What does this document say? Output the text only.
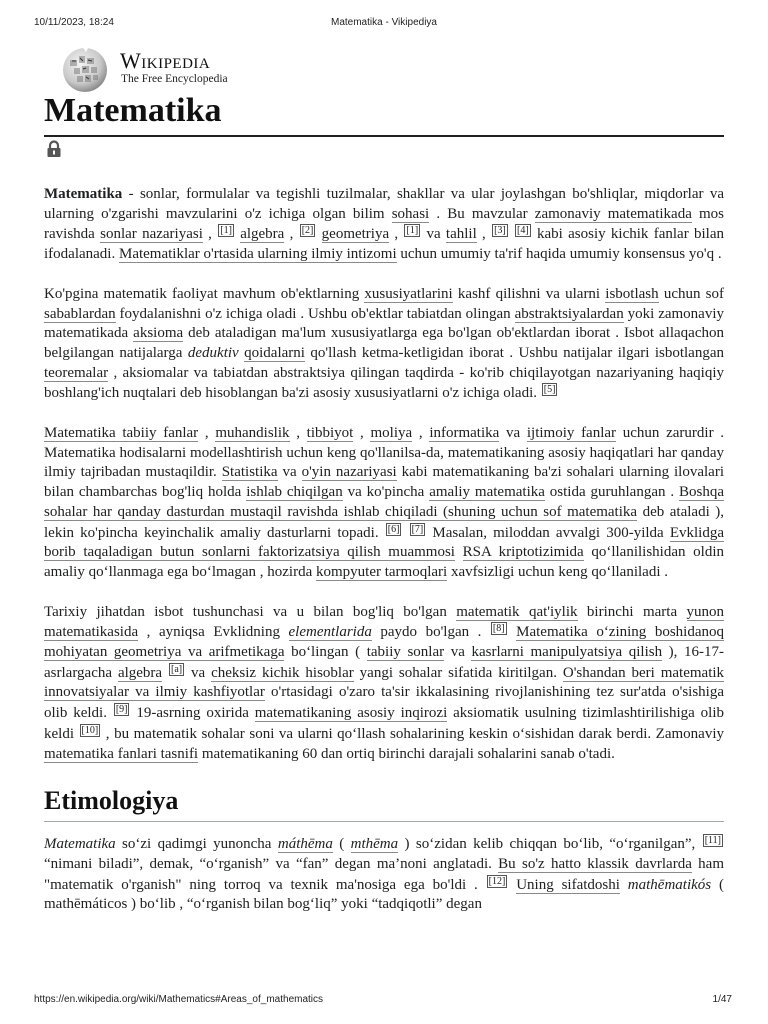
10/11/2023, 18:24	Matematika - Vikipediya
Wikipedia
The Free Encyclopedia
Matematika

Matematika - sonlar, formulalar va tegishli tuzilmalar, shakllar va ular joylashgan bo'shliqlar, miqdorlar va ularning o'zgarishi mavzularini o'z ichiga olgan bilim sohasi . Bu mavzular zamonaviy matematikada mos ravishda sonlar nazariyasi , [1] algebra , [2] geometriya , [1] va tahlil , [3] [4] kabi asosiy kichik fanlar bilan ifodalanadi. Matematiklar o'rtasida ularning ilmiy intizomi uchun umumiy ta'rif haqida umumiy konsensus yo'q .

Ko'pgina matematik faoliyat mavhum ob'ektlarning xususiyatlarini kashf qilishni va ularni isbotlash uchun sof sabablardan foydalanishni o'z ichiga oladi . Ushbu ob'ektlar tabiatdan olingan abstraktsiyalardan yoki zamonaviy matematikada aksioma deb ataladigan ma'lum xususiyatlarga ega bo'lgan ob'ektlardan iborat . Isbot allaqachon belgilangan natijalarga deduktiv qoidalarni qo'llash ketma-ketligidan iborat . Ushbu natijalar ilgari isbotlangan teoremalar , aksiomalar va tabiatdan abstraktsiya qilingan taqdirda - ko'rib chiqilayotgan nazariyaning haqiqiy boshlang'ich nuqtalari deb hisoblangan ba'zi asosiy xususiyatlarni o'z ichiga oladi. [5]

Matematika tabiiy fanlar , muhandislik , tibbiyot , moliya , informatika va ijtimoiy fanlar uchun zarurdir . Matematika hodisalarni modellashtirish uchun keng qo'llanilsa-da, matematikaning asosiy haqiqatlari har qanday ilmiy tajribadan mustaqildir. Statistika va o'yin nazariyasi kabi matematikaning ba'zi sohalari ularning ilovalari bilan chambarchas bog'liq holda ishlab chiqilgan va ko'pincha amaliy matematika ostida guruhlangan . Boshqa sohalar har qanday dasturdan mustaqil ravishda ishlab chiqiladi (shuning uchun sof matematika deb ataladi ), lekin ko'pincha keyinchalik amaliy dasturlarni topadi. [6] [7] Masalan, miloddan avvalgi 300-yilda Evklidga borib taqaladigan butun sonlarni faktorizatsiya qilish muammosi RSA kriptotizimida qo‘llanilishidan oldin amaliy qo‘llanmaga ega bo‘lmagan , hozirda kompyuter tarmoqlari xavfsizligi uchun keng qo‘llaniladi .

Tarixiy jihatdan isbot tushunchasi va u bilan bog'liq bo'lgan matematik qat'iylik birinchi marta yunon matematikasida , ayniqsa Evklidning elementlarida paydo bo'lgan . [8] Matematika o‘zining boshidanoq mohiyatan geometriya va arifmetikaga bo‘lingan ( tabiiy sonlar va kasrlarni manipulyatsiya qilish ), 16-17-asrlargacha algebra [a] va cheksiz kichik hisoblar yangi sohalar sifatida kiritilgan. O'shandan beri matematik innovatsiyalar va ilmiy kashfiyotlar o'rtasidagi o'zaro ta'sir ikkalasining rivojlanishining tez sur'atda o'sishiga olib keldi. [9] 19-asrning oxirida matematikaning asosiy inqirozi aksiomatik usulning tizimlashtirilishiga olib keldi [10] , bu matematik sohalar soni va ularni qo‘llash sohalarining keskin o‘sishidan darak berdi. Zamonaviy matematika fanlari tasnifi matematikaning 60 dan ortiq birinchi darajali sohalarini sanab o'tadi.

Etimologiya

Matematika so‘zi qadimgi yunoncha máthēma ( mthēma ) so‘zidan kelib chiqqan bo‘lib, “o‘rganilgan”, [11] “nimani biladi”, demak, “o‘rganish” va “fan” degan ma’noni anglatadi. Bu so'z hatto klassik davrlarda ham "matematik o'rganish" ning torroq va texnik ma'nosiga ega bo'ldi . [12] Uning sifatdoshi mathēmatikós ( mathēmáticos ) bo‘lib , “o‘rganish bilan bog‘liq” yoki “tadqiqotli” degan

https://en.wikipedia.org/wiki/Mathematics#Areas_of_mathematics	1/47
